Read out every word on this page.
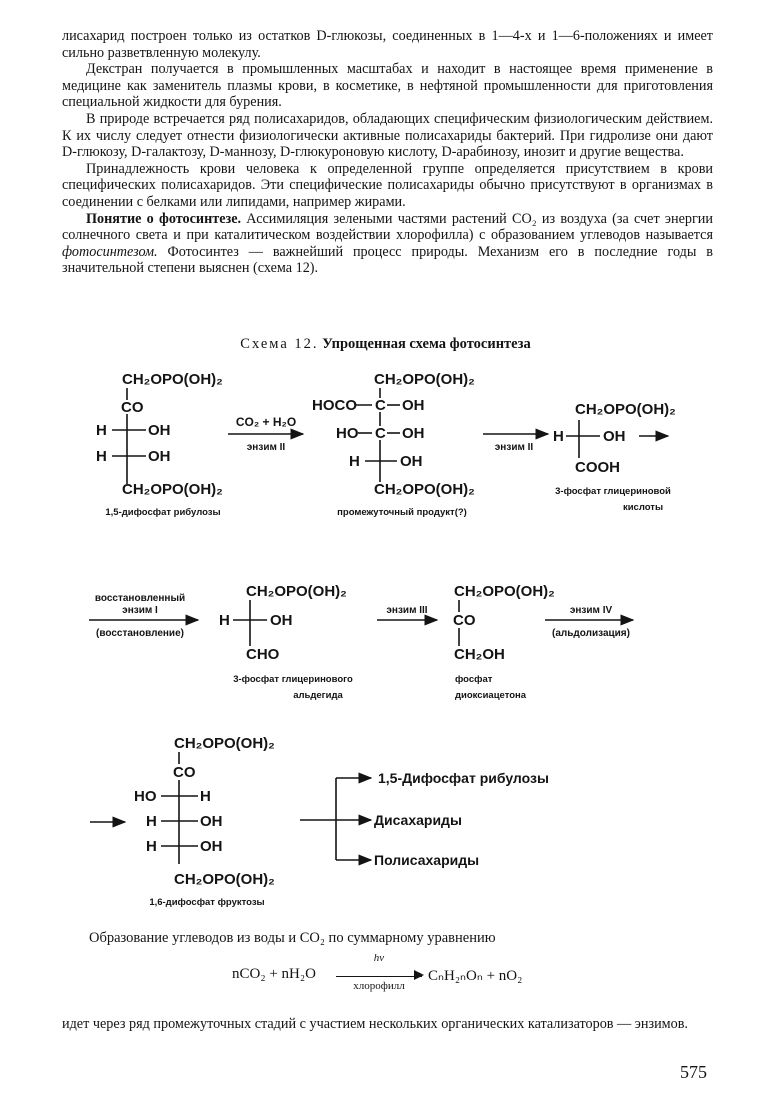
лисахарид построен только из остатков D-глюкозы, соединенных в 1—4-х и 1—6-положениях и имеет сильно разветвленную молекулу.

Декстран получается в промышленных масштабах и находит в настоящее время применение в медицине как заменитель плазмы крови, в косметике, в нефтяной промышленности для приготовления специальной жидкости для бурения.

В природе встречается ряд полисахаридов, обладающих специфическим физиологическим действием. К их числу следует отнести физиологически активные полисахариды бактерий. При гидролизе они дают D-глюкозу, D-галактозу, D-маннозу, D-глюкуроновую кислоту, D-арабинозу, инозит и другие вещества.

Принадлежность крови человека к определенной группе определяется присутствием в крови специфических полисахаридов. Эти специфические полисахариды обычно присутствуют в организмах в соединении с белками или липидами, например жирами.

Понятие о фотосинтезе. Ассимиляция зелеными частями растений CO₂ из воздуха (за счет энергии солнечного света и при каталитическом воздействии хлорофилла) с образованием углеводов называется фотосинтезом. Фотосинтез — важнейший процесс природы. Механизм его в последние годы в значительной степени выяснен (схема 12).

Схема 12. Упрощенная схема фотосинтеза
CH₂OPO(OH)₂
CO
H	OH
H	OH
CH₂OPO(OH)₂
CH₂OPO(OH)₂
HOCO C OH
HO C OH
H	OH
CH₂OPO(OH)₂
CH₂OPO(OH)₂
H	OH
COOH
CH₂OPO(OH)₂
H	OH
CHO
CH₂OPO(OH)₂
CO
CH₂OH
CH₂OPO(OH)₂
CO
HO	H
H	OH
H	OH
CH₂OPO(OH)₂
CO₂ + H₂O
энзим II	энзим II
восстановленный
энзим I
(восстановление)
энзим III	энзим IV
(альдолизация)
1,5-дифосфат рибулозы	промежуточный продукт(?)
3-фосфат глицериновой
кислоты
3-фосфат глицеринового
альдегида
фосфат
диоксиацетона
1,6-дифосфат фруктозы
1,5-Дифосфат рибулозы
Дисахариды
Полисахариды
Образование углеводов из воды и CO₂ по суммарному уравнению
nCO₂ + nH₂O
hν
хлорофилл
CₙH₂ₙOₙ + nO₂
идет через ряд промежуточных стадий с участием нескольких органических катализаторов — энзимов.
575
